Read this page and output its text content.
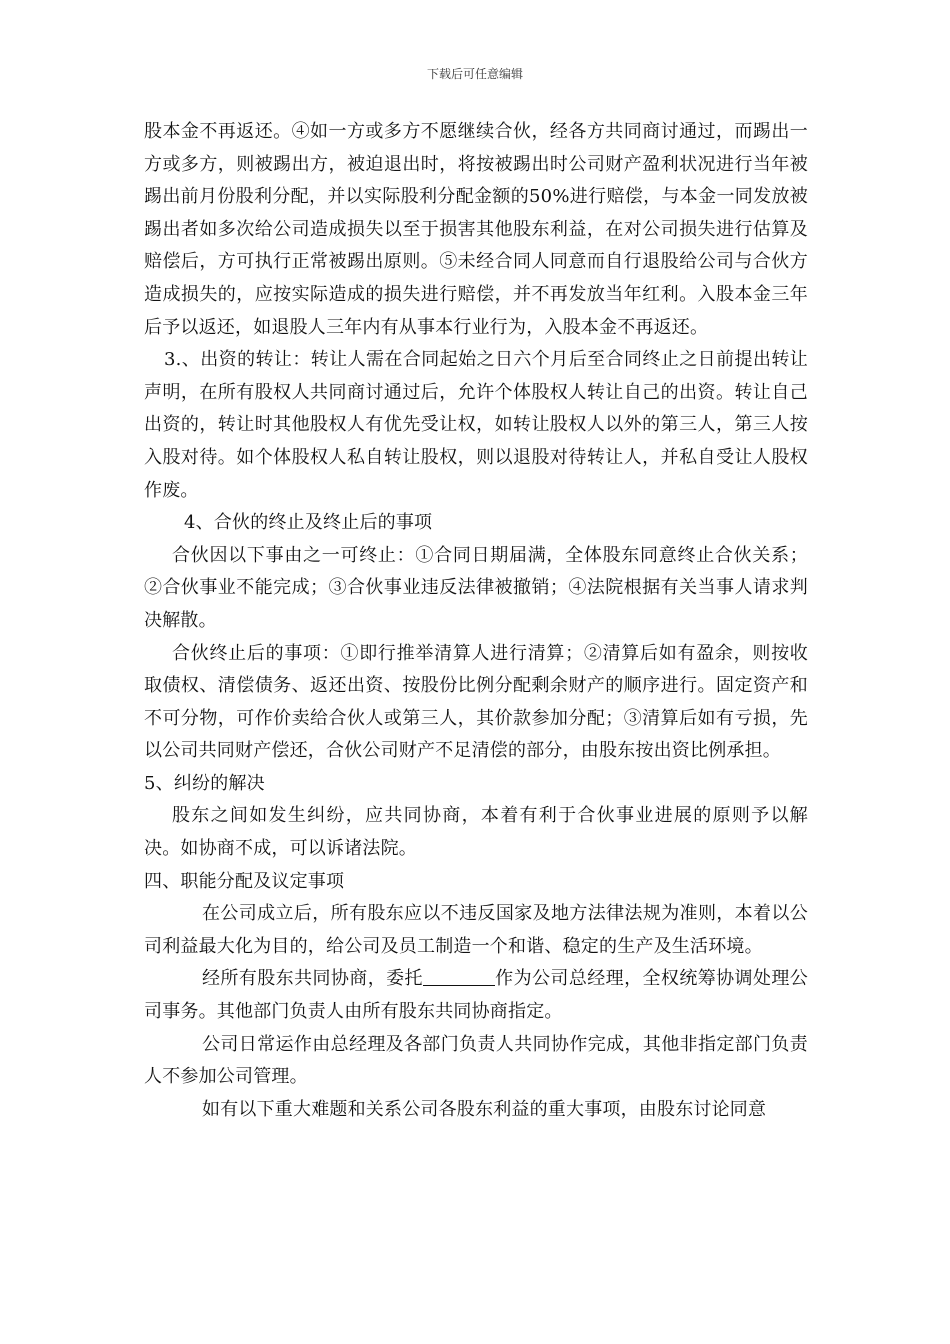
下载后可任意编辑

股本金不再返还。④如一方或多方不愿继续合伙，经各方共同商讨通过，而踢出一方或多方，则被踢出方，被迫退出时，将按被踢出时公司财产盈利状况进行当年被踢出前月份股利分配，并以实际股利分配金额的50%进行赔偿，与本金一同发放被踢出者如多次给公司造成损失以至于损害其他股东利益，在对公司损失进行估算及赔偿后，方可执行正常被踢出原则。⑤未经合同人同意而自行退股给公司与合伙方造成损失的，应按实际造成的损失进行赔偿，并不再发放当年红利。入股本金三年后予以返还，如退股人三年内有从事本行业行为，入股本金不再返还。

3.、出资的转让：转让人需在合同起始之日六个月后至合同终止之日前提出转让声明，在所有股权人共同商讨通过后，允许个体股权人转让自己的出资。转让自己出资的，转让时其他股权人有优先受让权，如转让股权人以外的第三人，第三人按入股对待。如个体股权人私自转让股权，则以退股对待转让人，并私自受让人股权作废。

4、合伙的终止及终止后的事项

合伙因以下事由之一可终止：①合同日期届满，全体股东同意终止合伙关系；②合伙事业不能完成；③合伙事业违反法律被撤销；④法院根据有关当事人请求判决解散。

合伙终止后的事项：①即行推举清算人进行清算；②清算后如有盈余，则按收取债权、清偿债务、返还出资、按股份比例分配剩余财产的顺序进行。固定资产和不可分物，可作价卖给合伙人或第三人，其价款参加分配；③清算后如有亏损，先以公司共同财产偿还，合伙公司财产不足清偿的部分，由股东按出资比例承担。

5、纠纷的解决

股东之间如发生纠纷，应共同协商，本着有利于合伙事业进展的原则予以解决。如协商不成，可以诉诸法院。

四、职能分配及议定事项

在公司成立后，所有股东应以不违反国家及地方法律法规为准则，本着以公司利益最大化为目的，给公司及员工制造一个和谐、稳定的生产及生活环境。

经所有股东共同协商，委托	作为公司总经理，全权统筹协调处理公司事务。其他部门负责人由所有股东共同协商指定。

公司日常运作由总经理及各部门负责人共同协作完成，其他非指定部门负责人不参加公司管理。

如有以下重大难题和关系公司各股东利益的重大事项，由股东讨论同意
